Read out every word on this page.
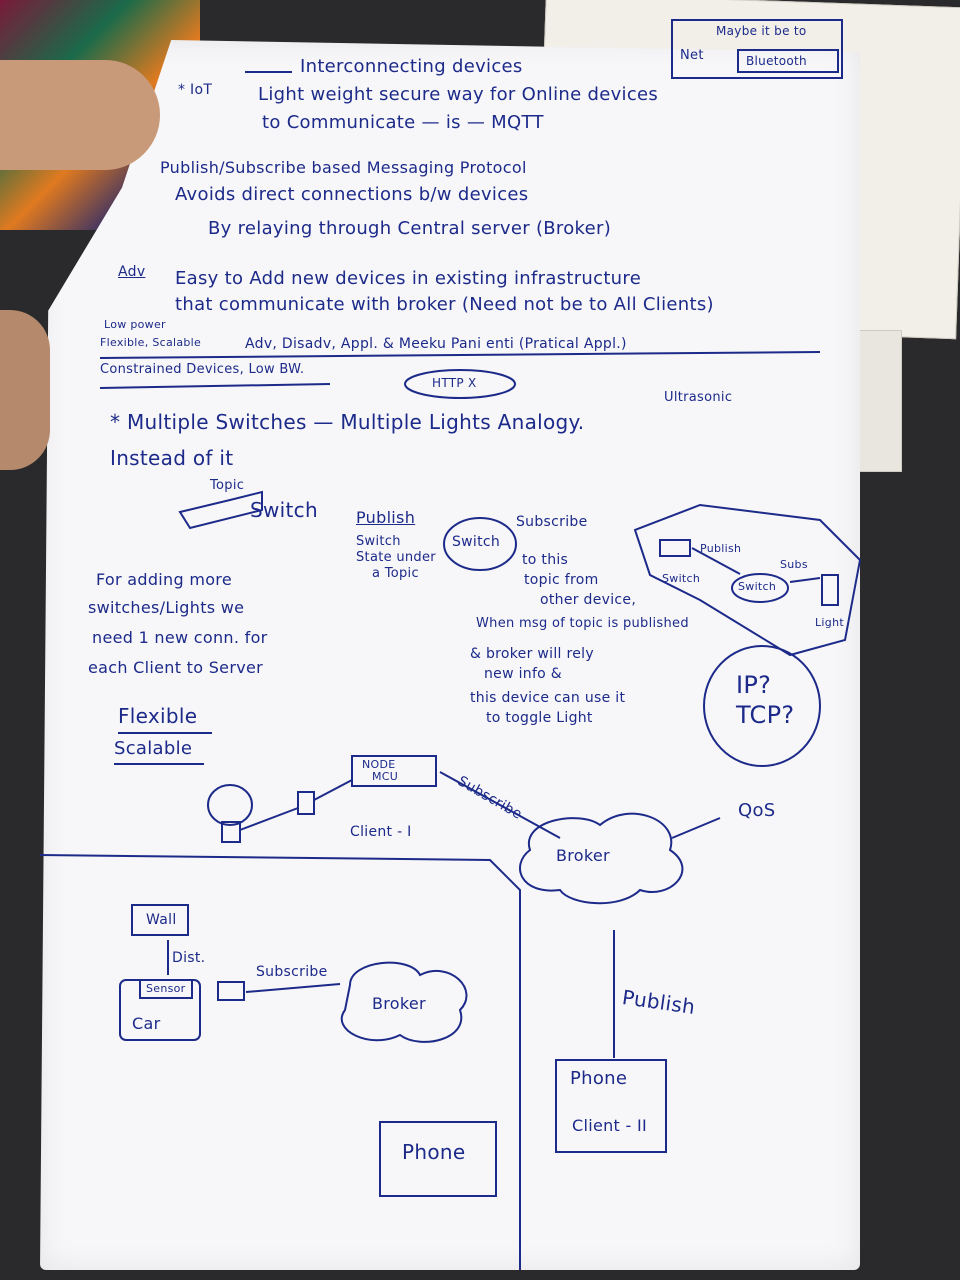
Maybe it be to
Net	Bluetooth
* IoT
Interconnecting devices
Light weight secure way for Online devices
to Communicate — is — MQTT
Publish/Subscribe based Messaging Protocol
Avoids direct connections b/w devices
By relaying through Central server (Broker)
Adv Easy to Add new devices in existing infrastructure
that communicate with broker (Need not be to All Clients)
Low power
Flexible, Scalable	Adv, Disadv, Appl. & Meeku Pani enti (Pratical Appl.)
Constrained Devices, Low BW.
HTTP X
Ultrasonic
* Multiple Switches — Multiple Lights Analogy.
Instead of it
Topic
Switch Publish
Switch
State under
a Topic
Switch
Subscribe
to this
topic from
other device,
When msg of topic is published
& broker will rely
new info &
this device can use it
to toggle Light
For adding more
switches/Lights we
need 1 new conn. for
each Client to Server
Flexible
Scalable
Publish
Switch
Switch
Subs
Light
IP? TCP?
NODE
MCU
Client - I
Subscribe
Broker
QoS
Wall
Dist.
Sensor
Car
Subscribe
Broker	Publish
Phone
Client - II
Phone
